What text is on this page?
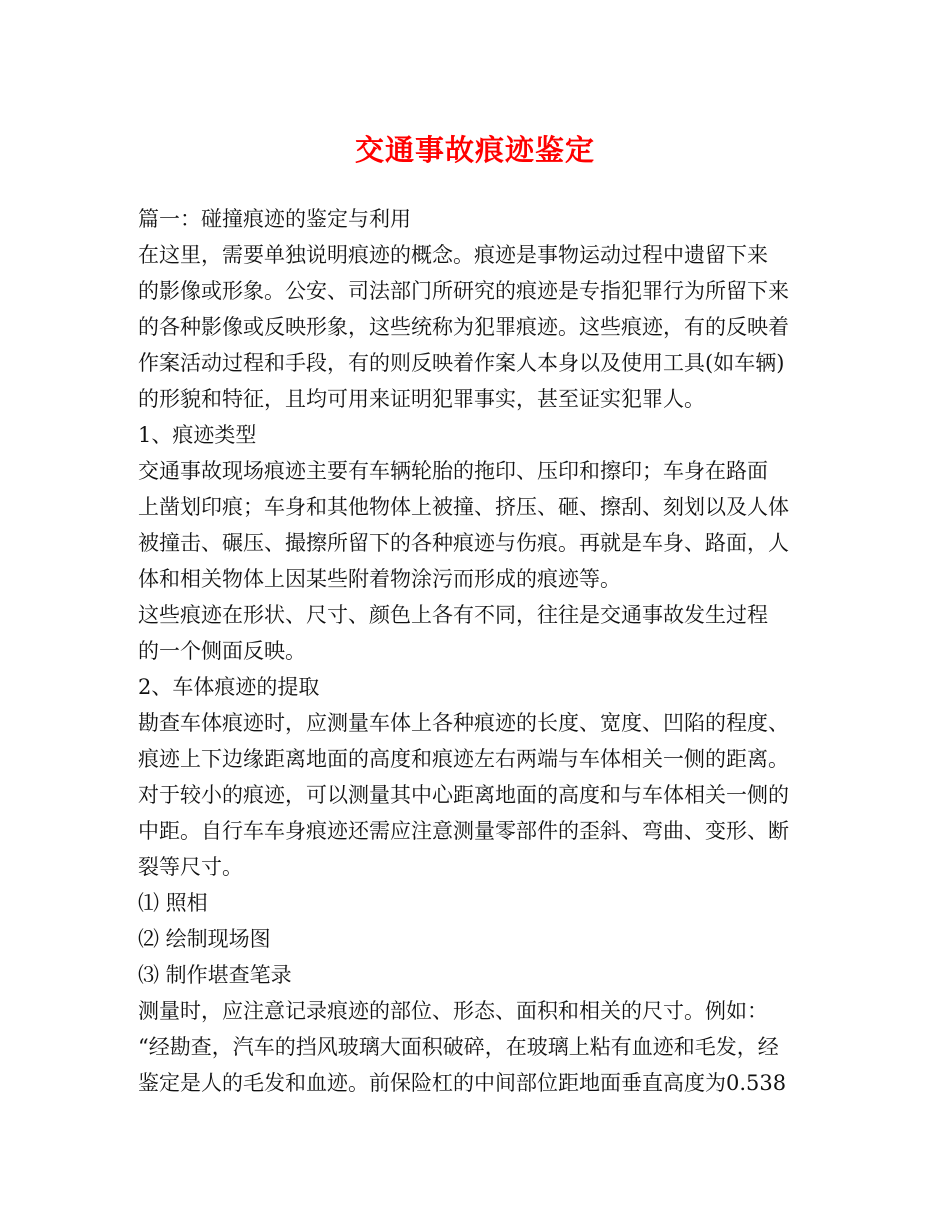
交通事故痕迹鉴定
篇一：碰撞痕迹的鉴定与利用
在这里，需要单独说明痕迹的概念。痕迹是事物运动过程中遗留下来
的影像或形象。公安、司法部门所研究的痕迹是专指犯罪行为所留下来
的各种影像或反映形象，这些统称为犯罪痕迹。这些痕迹，有的反映着
作案活动过程和手段，有的则反映着作案人本身以及使用工具(如车辆)
的形貌和特征，且均可用来证明犯罪事实，甚至证实犯罪人。
1、痕迹类型
交通事故现场痕迹主要有车辆轮胎的拖印、压印和擦印；车身在路面
上凿划印痕；车身和其他物体上被撞、挤压、砸、擦刮、刻划以及人体
被撞击、碾压、撮擦所留下的各种痕迹与伤痕。再就是车身、路面，人
体和相关物体上因某些附着物涂污而形成的痕迹等。
这些痕迹在形状、尺寸、颜色上各有不同，往往是交通事故发生过程
的一个侧面反映。
2、车体痕迹的提取
勘查车体痕迹时，应测量车体上各种痕迹的长度、宽度、凹陷的程度、
痕迹上下边缘距离地面的高度和痕迹左右两端与车体相关一侧的距离。
对于较小的痕迹，可以测量其中心距离地面的高度和与车体相关一侧的
中距。自行车车身痕迹还需应注意测量零部件的歪斜、弯曲、变形、断
裂等尺寸。
⑴ 照相
⑵ 绘制现场图
⑶ 制作堪查笔录
测量时，应注意记录痕迹的部位、形态、面积和相关的尺寸。例如：
“经勘查，汽车的挡风玻璃大面积破碎，在玻璃上粘有血迹和毛发，经
鉴定是人的毛发和血迹。前保险杠的中间部位距地面垂直高度为0.538
